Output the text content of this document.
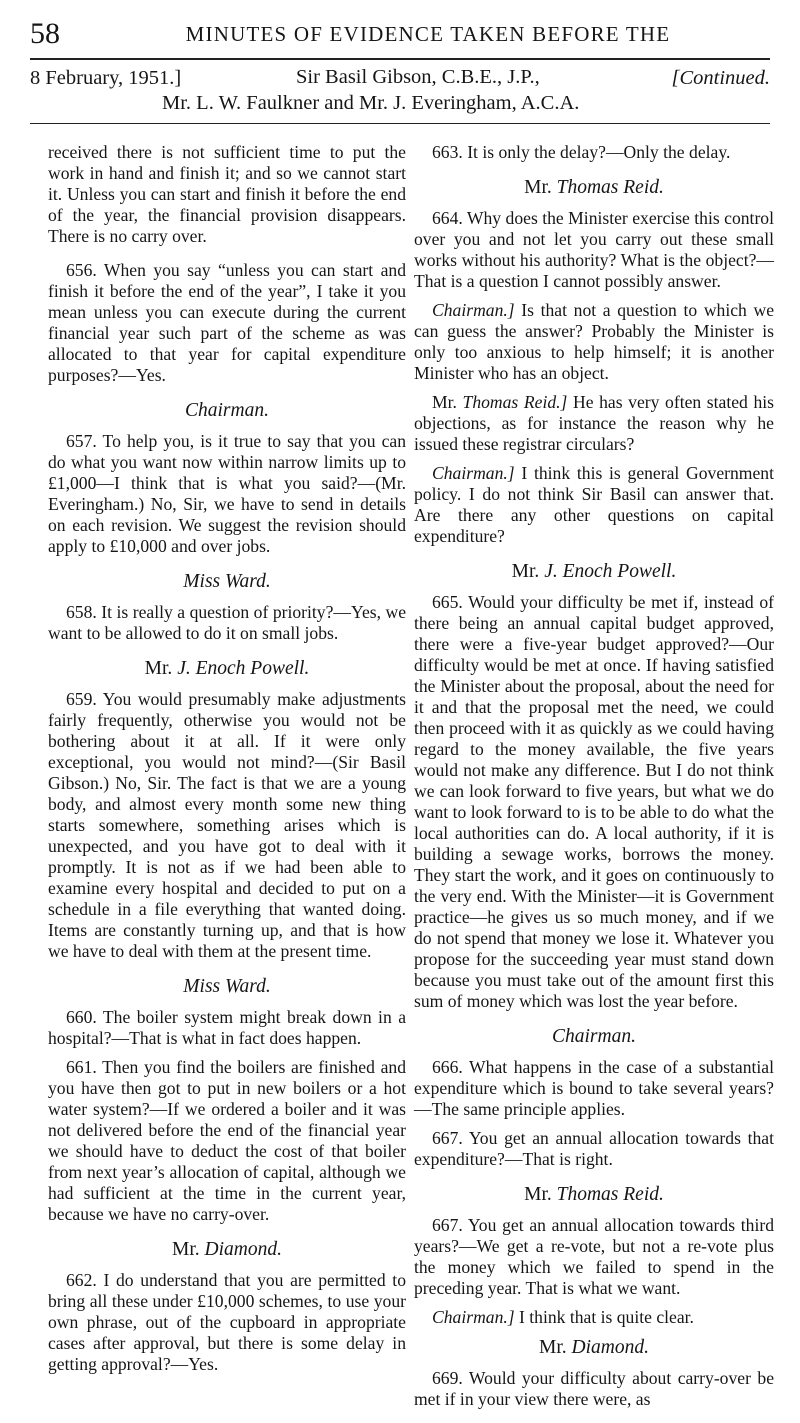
58	MINUTES OF EVIDENCE TAKEN BEFORE THE
8 February, 1951.]	Sir Basil Gibson, C.B.E., J.P.,
Mr. L. W. Faulkner and Mr. J. Everingham, A.C.A.
[Continued.

received there is not sufficient time to put the work in hand and finish it; and so we cannot start it. Unless you can start and finish it before the end of the year, the financial provision disappears. There is no carry over.

656. When you say “unless you can start and finish it before the end of the year”, I take it you mean unless you can execute during the current financial year such part of the scheme as was allocated to that year for capital expenditure purposes?—Yes.

Chairman.

657. To help you, is it true to say that you can do what you want now within narrow limits up to £1,000—I think that is what you said?—(Mr. Everingham.) No, Sir, we have to send in details on each revision. We suggest the revision should apply to £10,000 and over jobs.

Miss Ward.

658. It is really a question of priority?—Yes, we want to be allowed to do it on small jobs.

Mr. J. Enoch Powell.

659. You would presumably make adjustments fairly frequently, otherwise you would not be bothering about it at all. If it were only exceptional, you would not mind?—(Sir Basil Gibson.) No, Sir. The fact is that we are a young body, and almost every month some new thing starts somewhere, something arises which is unexpected, and you have got to deal with it promptly. It is not as if we had been able to examine every hospital and decided to put on a schedule in a file everything that wanted doing. Items are constantly turning up, and that is how we have to deal with them at the present time.

Miss Ward.

660. The boiler system might break down in a hospital?—That is what in fact does happen.

661. Then you find the boilers are finished and you have then got to put in new boilers or a hot water system?—If we ordered a boiler and it was not delivered before the end of the financial year we should have to deduct the cost of that boiler from next year’s allocation of capital, although we had sufficient at the time in the current year, because we have no carry-over.

Mr. Diamond.

662. I do understand that you are permitted to bring all these under £10,000 schemes, to use your own phrase, out of the cupboard in appropriate cases after approval, but there is some delay in getting approval?—Yes.

663. It is only the delay?—Only the delay.

Mr. Thomas Reid.

664. Why does the Minister exercise this control over you and not let you carry out these small works without his authority? What is the object?—That is a question I cannot possibly answer.

Chairman.] Is that not a question to which we can guess the answer? Probably the Minister is only too anxious to help himself; it is another Minister who has an object.

Mr. Thomas Reid.] He has very often stated his objections, as for instance the reason why he issued these registrar circulars?

Chairman.] I think this is general Government policy. I do not think Sir Basil can answer that. Are there any other questions on capital expenditure?

Mr. J. Enoch Powell.

665. Would your difficulty be met if, instead of there being an annual capital budget approved, there were a five-year budget approved?—Our difficulty would be met at once. If having satisfied the Minister about the proposal, about the need for it and that the proposal met the need, we could then proceed with it as quickly as we could having regard to the money available, the five years would not make any difference. But I do not think we can look forward to five years, but what we do want to look forward to is to be able to do what the local authorities can do. A local authority, if it is building a sewage works, borrows the money. They start the work, and it goes on continuously to the very end. With the Minister—it is Government practice—he gives us so much money, and if we do not spend that money we lose it. Whatever you propose for the succeeding year must stand down because you must take out of the amount first this sum of money which was lost the year before.

Chairman.

666. What happens in the case of a substantial expenditure which is bound to take several years?—The same principle applies.

667. You get an annual allocation towards that expenditure?—That is right.

Mr. Thomas Reid.

667. You get an annual allocation towards third years?—We get a re-vote, but not a re-vote plus the money which we failed to spend in the preceding year. That is what we want.

Chairman.] I think that is quite clear.

Mr. Diamond.

669. Would your difficulty about carry-over be met if in your view there were, as
